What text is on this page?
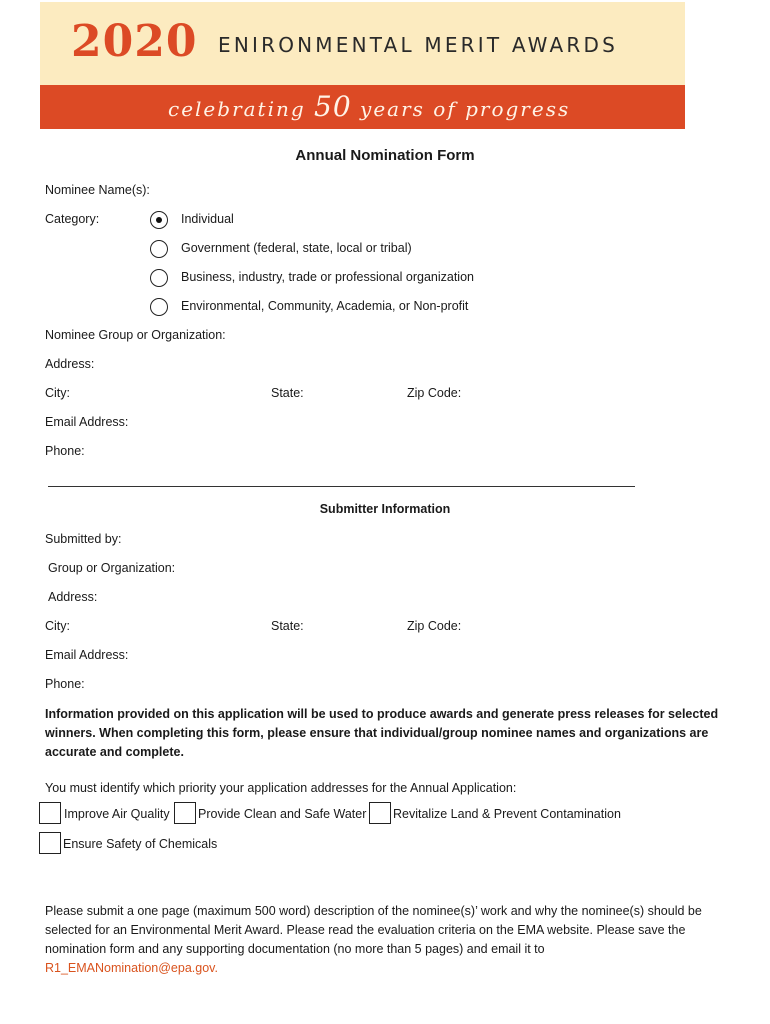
2020 ENIRONMENTAL MERIT AWARDS
celebrating 50 years of progress
Annual Nomination Form
Nominee Name(s):
Category:	Individual
Government (federal, state, local or tribal)
Business, industry, trade or professional organization
Environmental, Community, Academia, or Non-profit
Nominee Group or Organization:
Address:
City:	State:	Zip Code:
Email Address:
Phone:
Submitter Information
Submitted by:
Group or Organization:
Address:
City:	State:	Zip Code:
Email Address:
Phone:
Information provided on this application will be used to produce awards and generate press releases for selected winners. When completing this form, please ensure that individual/group nominee names and organizations are accurate and complete.
You must identify which priority your application addresses for the Annual Application:
Improve Air Quality Provide Clean and Safe Water Revitalize Land & Prevent Contamination
Ensure Safety of Chemicals
Please submit a one page (maximum 500 word) description of the nominee(s)’ work and why the nominee(s) should be selected for an Environmental Merit Award. Please read the evaluation criteria on the EMA website. Please save the nomination form and any supporting documentation (no more than 5 pages) and email it to
R1_EMANomination@epa.gov.
